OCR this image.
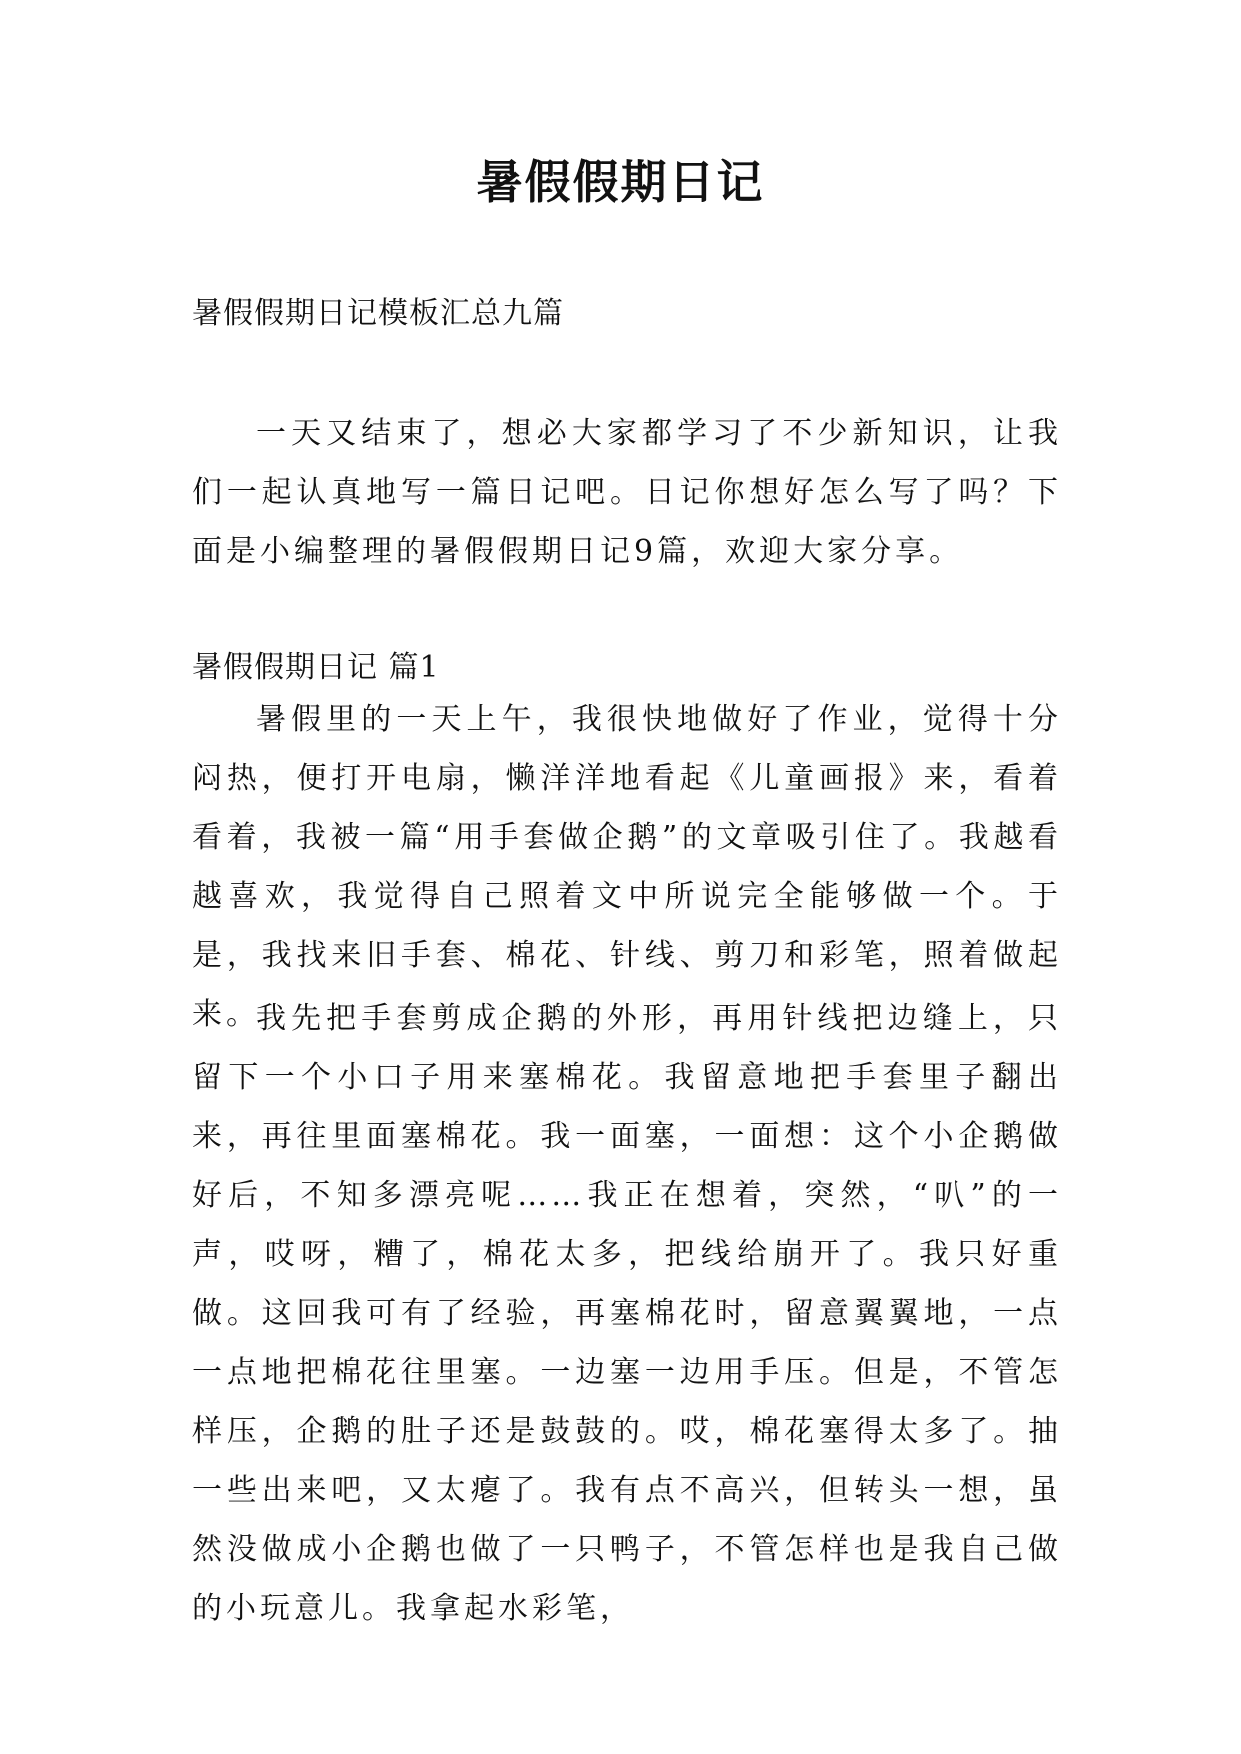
暑假假期日记
暑假假期日记模板汇总九篇

一天又结束了，想必大家都学习了不少新知识，让我们一起认真地写一篇日记吧。日记你想好怎么写了吗？下面是小编整理的暑假假期日记9篇，欢迎大家分享。

暑假假期日记 篇1

暑假里的一天上午，我很快地做好了作业，觉得十分闷热，便打开电扇，懒洋洋地看起《儿童画报》来，看着看着，我被一篇“用手套做企鹅”的文章吸引住了。我越看越喜欢，我觉得自己照着文中所说完全能够做一个。于是，我找来旧手套、棉花、针线、剪刀和彩笔，照着做起来。

我先把手套剪成企鹅的外形，再用针线把边缝上，只留下一个小口子用来塞棉花。我留意地把手套里子翻出来，再往里面塞棉花。我一面塞，一面想：这个小企鹅做好后，不知多漂亮呢……我正在想着，突然，“叭”的一声，哎呀，糟了，棉花太多，把线给崩开了。我只好重做。这回我可有了经验，再塞棉花时，留意翼翼地，一点一点地把棉花往里塞。一边塞一边用手压。但是，不管怎样压，企鹅的肚子还是鼓鼓的。哎，棉花塞得太多了。抽一些出来吧，又太瘪了。我有点不高兴，但转头一想，虽然没做成小企鹅也做了一只鸭子，不管怎样也是我自己做的小玩意儿。我拿起水彩笔，
